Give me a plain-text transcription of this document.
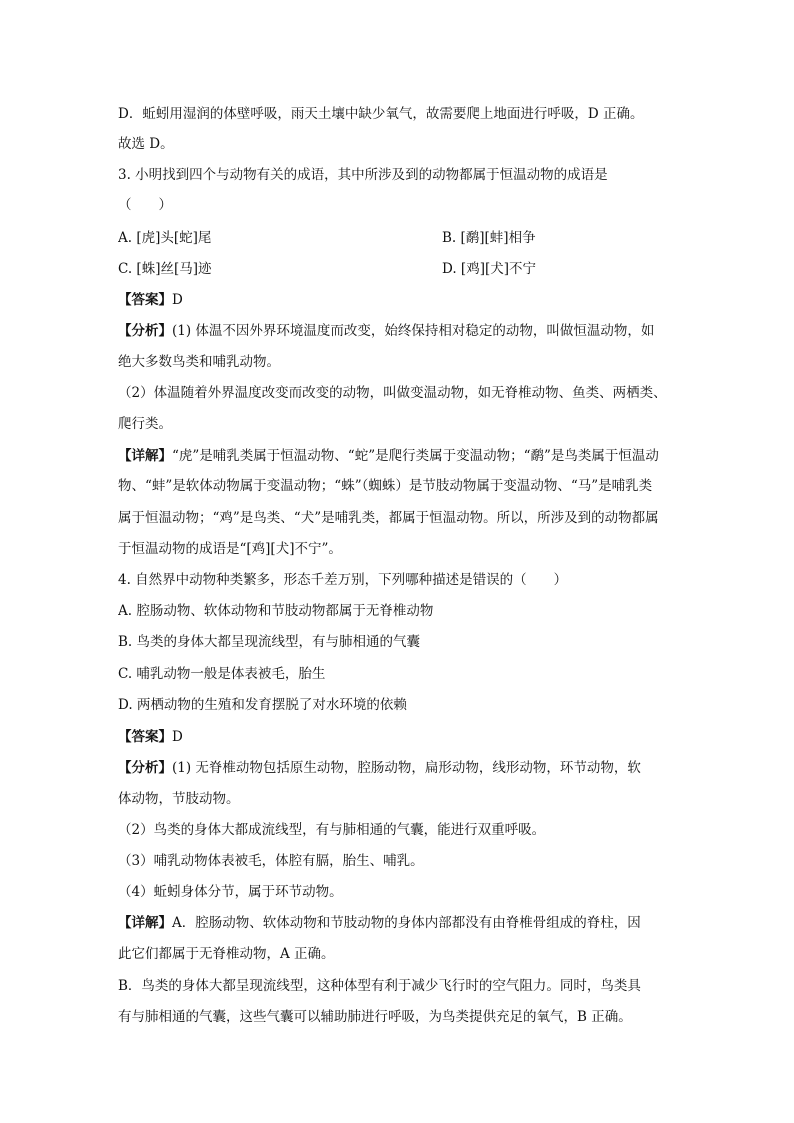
D．蚯蚓用湿润的体壁呼吸，雨天土壤中缺少氧气，故需要爬上地面进行呼吸，D 正确。
故选 D。
3. 小明找到四个与动物有关的成语，其中所涉及到的动物都属于恒温动物的成语是
（　　）
A. [虎]头[蛇]尾	B. [鹬][蚌]相争
C. [蛛]丝[马]迹	D. [鸡][犬]不宁
【答案】D
【分析】(1) 体温不因外界环境温度而改变，始终保持相对稳定的动物，叫做恒温动物，如
绝大多数鸟类和哺乳动物。
（2）体温随着外界温度改变而改变的动物，叫做变温动物，如无脊椎动物、鱼类、两栖类、
爬行类。
【详解】“虎”是哺乳类属于恒温动物、“蛇”是爬行类属于变温动物；“鹬”是鸟类属于恒温动
物、“蚌”是软体动物属于变温动物；“蛛”（蜘蛛）是节肢动物属于变温动物、“马”是哺乳类
属于恒温动物；“鸡”是鸟类、“犬”是哺乳类，都属于恒温动物。所以，所涉及到的动物都属
于恒温动物的成语是“[鸡][犬]不宁”。
4. 自然界中动物种类繁多，形态千差万别，下列哪种描述是错误的（　　）
A. 腔肠动物、软体动物和节肢动物都属于无脊椎动物
B. 鸟类的身体大都呈现流线型，有与肺相通的气囊
C. 哺乳动物一般是体表被毛，胎生
D. 两栖动物的生殖和发育摆脱了对水环境的依赖
【答案】D
【分析】(1) 无脊椎动物包括原生动物，腔肠动物，扁形动物，线形动物，环节动物，软
体动物，节肢动物。
（2）鸟类的身体大都成流线型，有与肺相通的气囊，能进行双重呼吸。
（3）哺乳动物体表被毛，体腔有膈，胎生、哺乳。
（4）蚯蚓身体分节，属于环节动物。
【详解】A．腔肠动物、软体动物和节肢动物的身体内部都没有由脊椎骨组成的脊柱，因
此它们都属于无脊椎动物，A 正确。
B．鸟类的身体大都呈现流线型，这种体型有利于减少飞行时的空气阻力。同时，鸟类具
有与肺相通的气囊，这些气囊可以辅助肺进行呼吸，为鸟类提供充足的氧气，B 正确。
